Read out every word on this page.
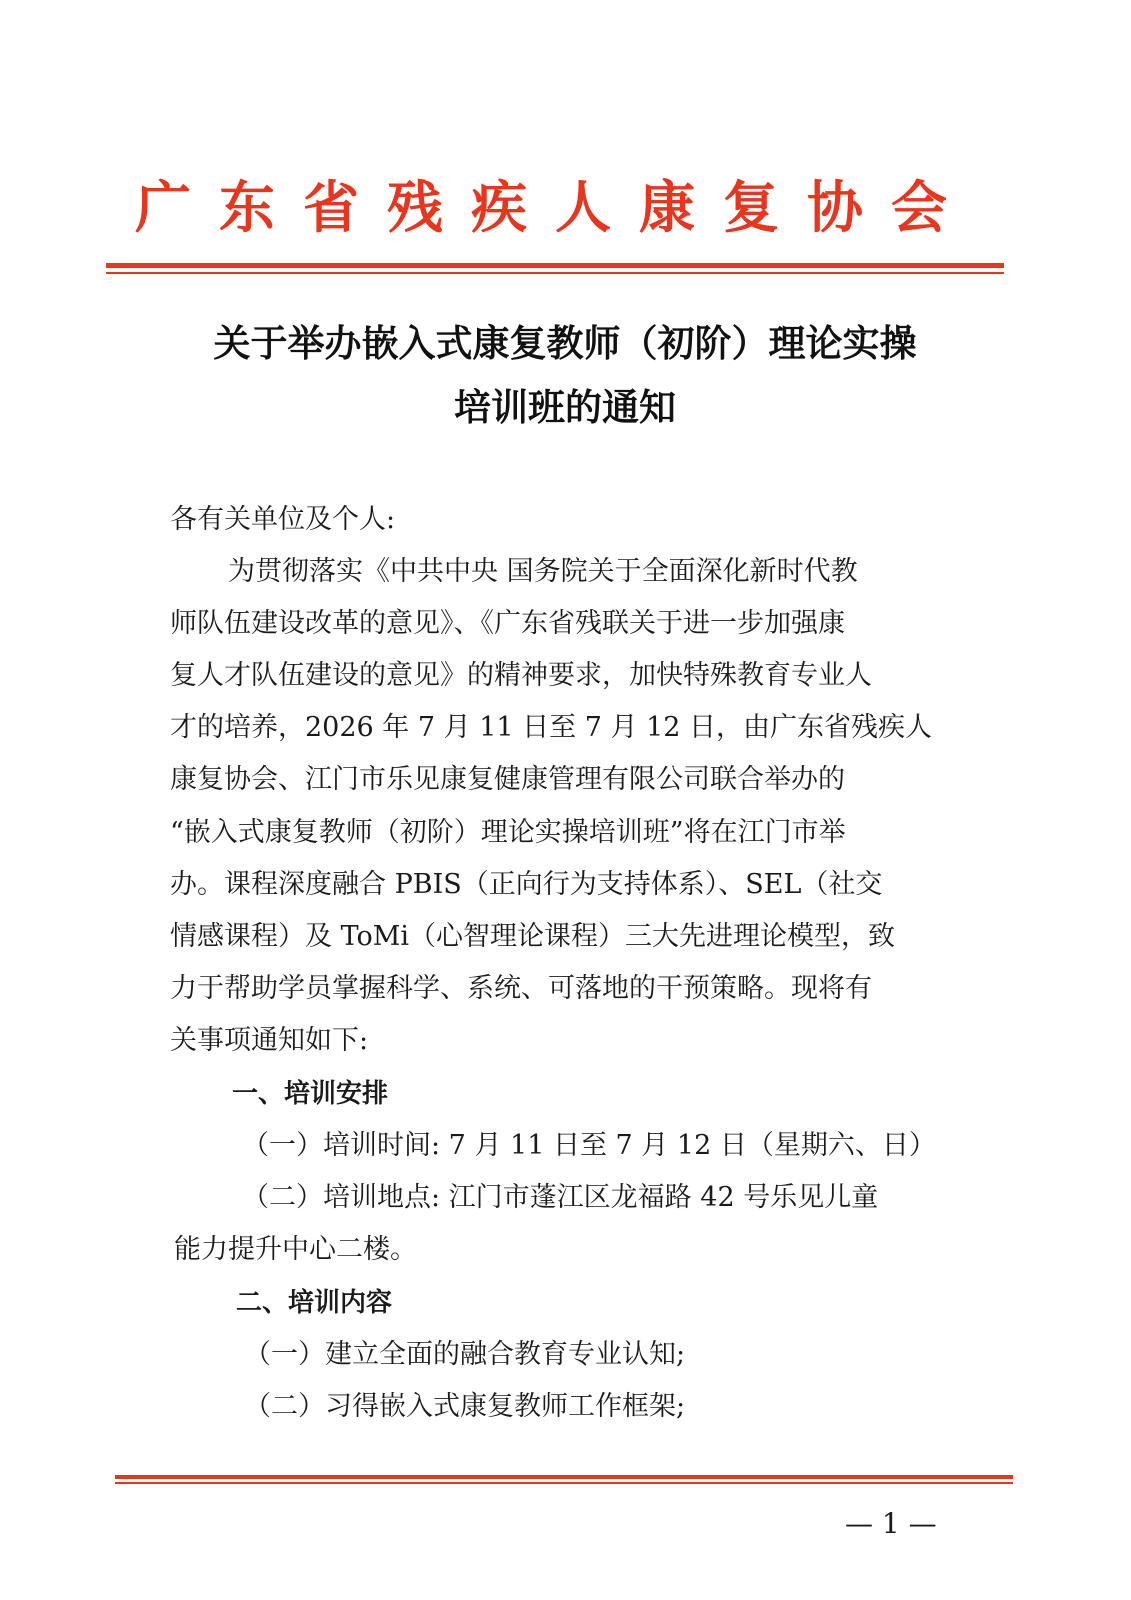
广东省残疾人康复协会
关于举办嵌入式康复教师（初阶）理论实操
培训班的通知
各有关单位及个人:
为贯彻落实《中共中央 国务院关于全面深化新时代教
师队伍建设改革的意见》、《广东省残联关于进一步加强康
复人才队伍建设的意见》的精神要求，加快特殊教育专业人
才的培养，2026 年 7 月 11 日至 7 月 12 日，由广东省残疾人
康复协会、江门市乐见康复健康管理有限公司联合举办的
“嵌入式康复教师（初阶）理论实操培训班”将在江门市举
办。课程深度融合 PBIS（正向行为支持体系）、SEL（社交
情感课程）及 ToMi（心智理论课程）三大先进理论模型，致
力于帮助学员掌握科学、系统、可落地的干预策略。现将有
关事项通知如下:
一、培训安排
（一）培训时间: 7 月 11 日至 7 月 12 日（星期六、日）
（二）培训地点: 江门市蓬江区龙福路 42 号乐见儿童
能力提升中心二楼。
二、培训内容
（一）建立全面的融合教育专业认知;
（二）习得嵌入式康复教师工作框架;
— 1 —
